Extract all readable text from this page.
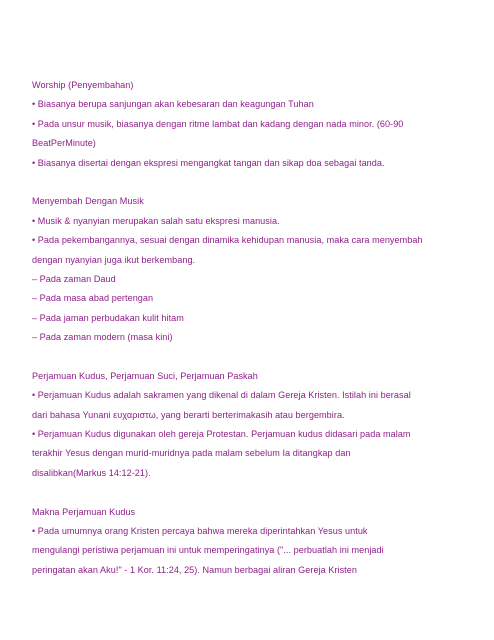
Worship (Penyembahan)
• Biasanya berupa sanjungan akan kebesaran dan keagungan Tuhan
• Pada unsur musik, biasanya dengan ritme lambat dan kadang dengan nada minor. (60-90
BeatPerMinute)
• Biasanya disertai dengan ekspresi mengangkat tangan dan sikap doa sebagai tanda.
Menyembah Dengan Musik
• Musik & nyanyian merupakan salah satu ekspresi manusia.
• Pada pekembangannya, sesuai dengan dinamika kehidupan manusia, maka cara menyembah
dengan nyanyian juga ikut berkembang.
– Pada zaman Daud
– Pada masa abad pertengan
– Pada jaman perbudakan kulit hitam
– Pada zaman modern (masa kini)
Perjamuan Kudus, Perjamuan Suci, Perjamuan Paskah
• Perjamuan Kudus adalah sakramen yang dikenal di dalam Gereja Kristen. Istilah ini berasal
dari bahasa Yunani ευχαριστω, yang berarti berterimakasih atau bergembira.
• Perjamuan Kudus digunakan oleh gereja Protestan. Perjamuan kudus didasari pada malam
terakhir Yesus dengan murid-muridnya pada malam sebelum Ia ditangkap dan
disalibkan(Markus 14:12-21).
Makna Perjamuan Kudus
• Pada umumnya orang Kristen percaya bahwa mereka diperintahkan Yesus untuk
mengulangi peristiwa perjamuan ini untuk memperingatinya ("... perbuatlah ini menjadi
peringatan akan Aku!" - 1 Kor. 11:24, 25). Namun berbagai aliran Gereja Kristen
